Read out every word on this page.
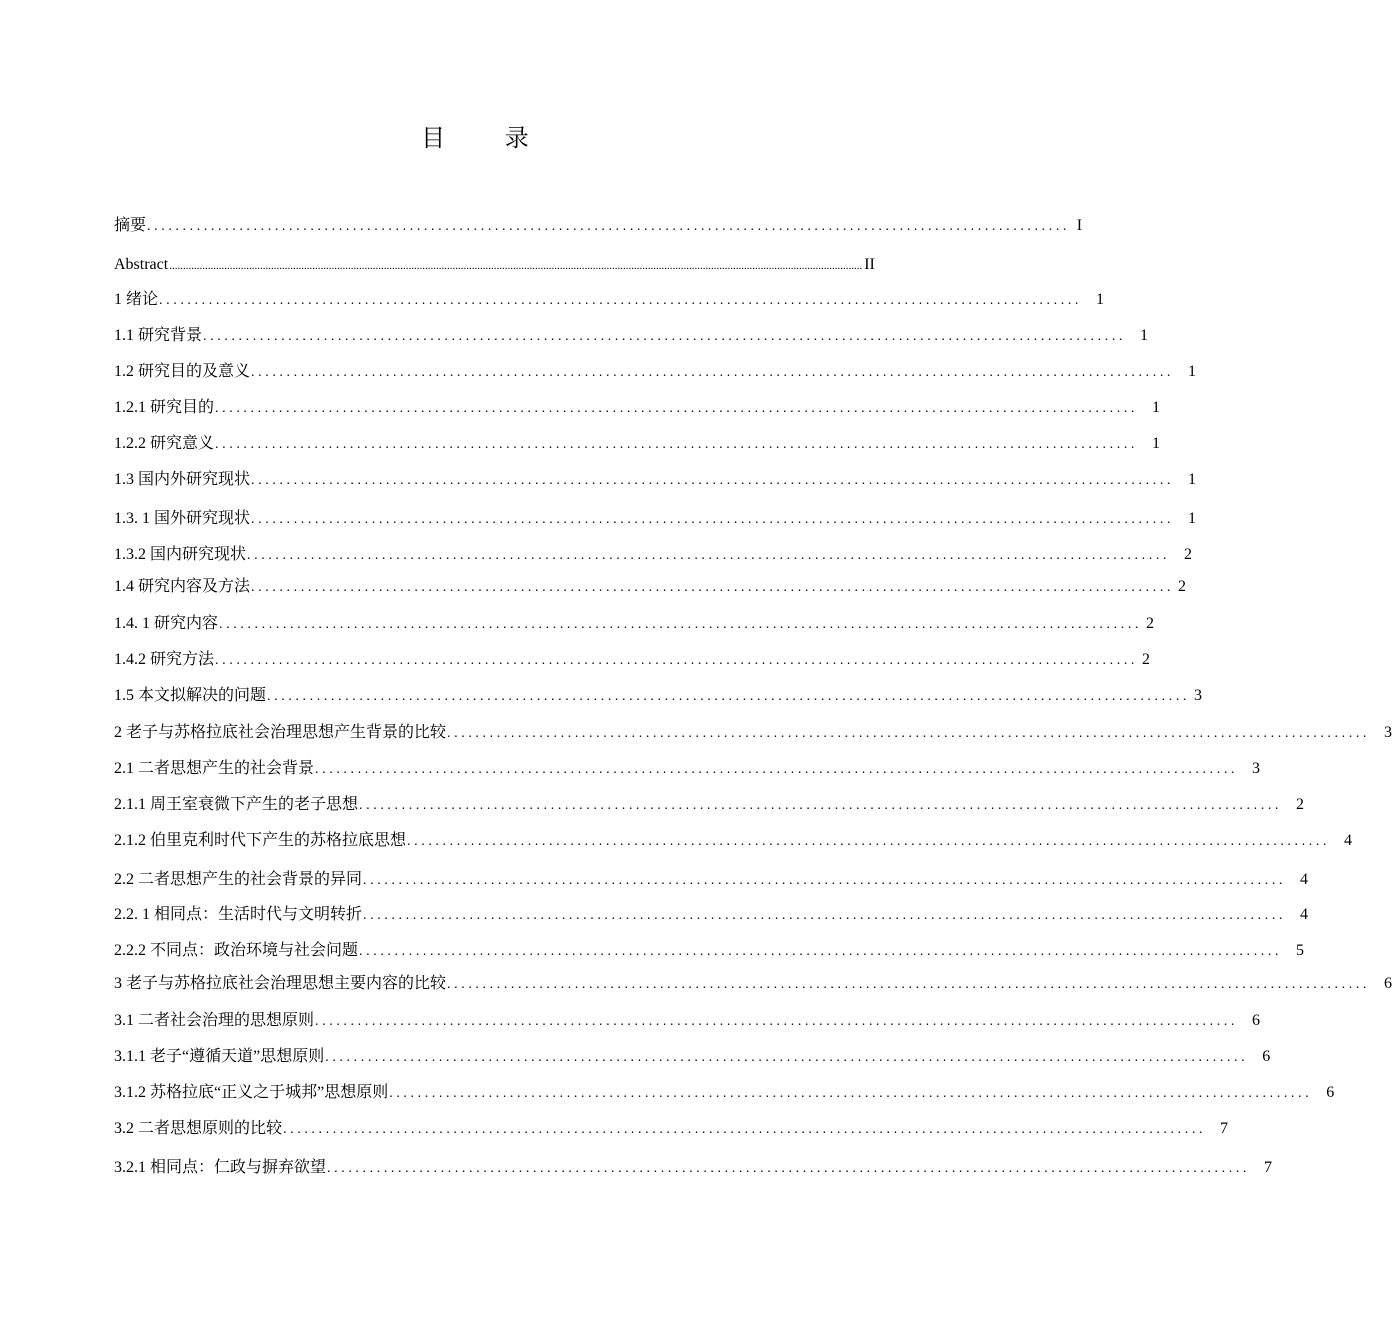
目 录
摘要 .................................................................................................................................. I
Abstract ............................................................................................................................................................................................................................................................ II
1 绪论 .................................................................................................................................. 1
1.1 研究背景 .................................................................................................................................. 1
1.2 研究目的及意义 .................................................................................................................................. 1
1.2.1 研究目的 .................................................................................................................................. 1
1.2.2 研究意义 .................................................................................................................................. 1
1.3 国内外研究现状 .................................................................................................................................. 1
1.3. 1 国外研究现状 .................................................................................................................................. 1
1.3.2 国内研究现状 .................................................................................................................................. 2
1.4 研究内容及方法 .................................................................................................................................. 2
1.4. 1 研究内容 .................................................................................................................................. 2
1.4.2 研究方法 .................................................................................................................................. 2
1.5 本文拟解决的问题 .................................................................................................................................. 3
2 老子与苏格拉底社会治理思想产生背景的比较 .................................................................................................................................. 3
2.1 二者思想产生的社会背景 .................................................................................................................................. 3
2.1.1 周王室衰微下产生的老子思想 .................................................................................................................................. 2
2.1.2 伯里克利时代下产生的苏格拉底思想 .................................................................................................................................. 4
2.2 二者思想产生的社会背景的异同 .................................................................................................................................. 4
2.2. 1 相同点：生活时代与文明转折 .................................................................................................................................. 4
2.2.2 不同点：政治环境与社会问题 .................................................................................................................................. 5
3 老子与苏格拉底社会治理思想主要内容的比较 .................................................................................................................................. 6
3.1 二者社会治理的思想原则 .................................................................................................................................. 6
3.1.1 老子“遵循天道”思想原则 .................................................................................................................................. 6
3.1.2 苏格拉底“正义之于城邦”思想原则 .................................................................................................................................. 6
3.2 二者思想原则的比较 .................................................................................................................................. 7
3.2.1 相同点：仁政与摒弃欲望 .................................................................................................................................. 7
